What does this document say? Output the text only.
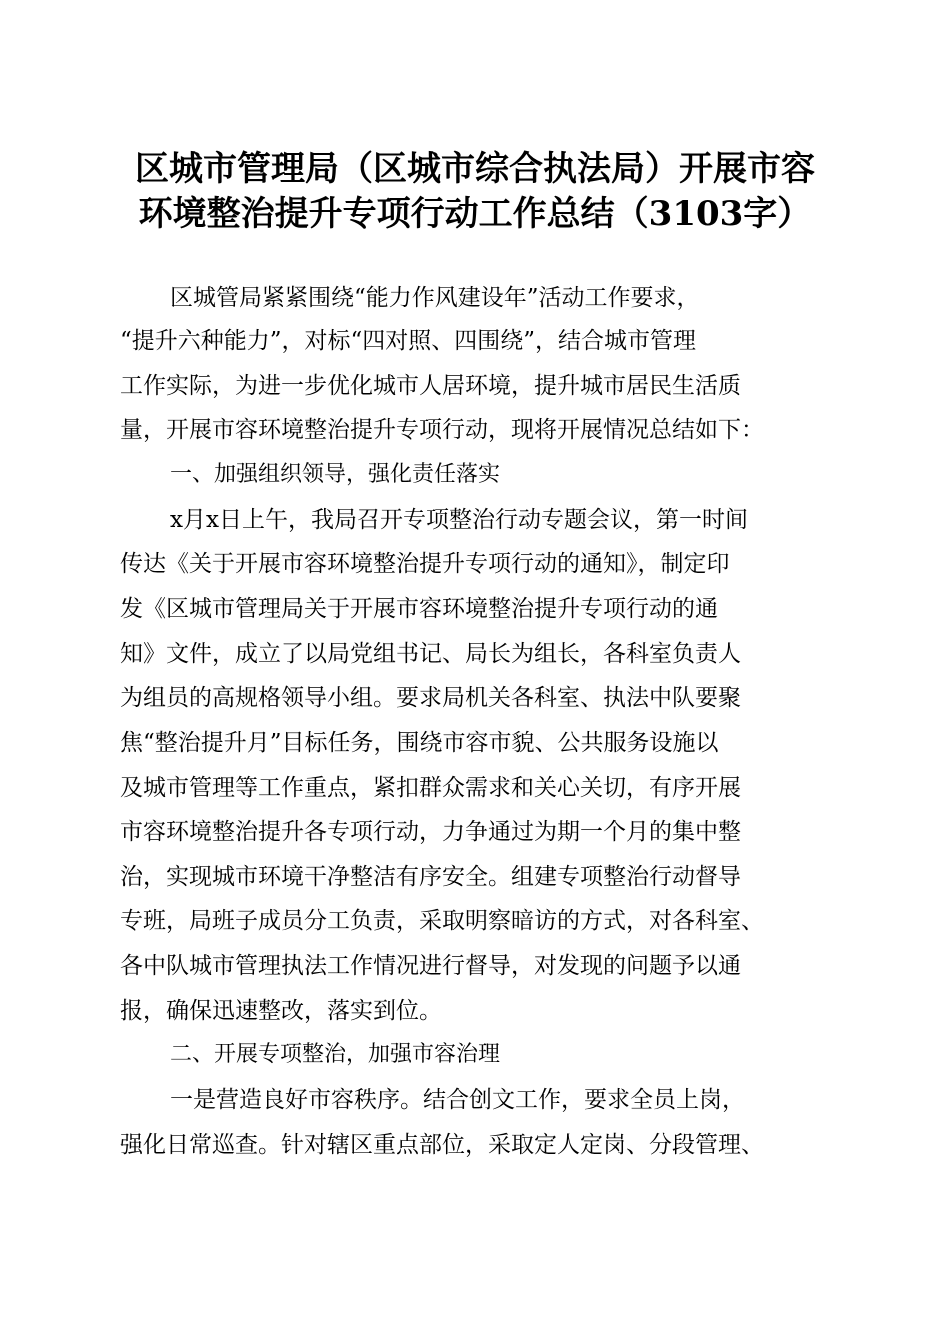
区城市管理局（区城市综合执法局）开展市容
环境整治提升专项行动工作总结（3103字）
区城管局紧紧围绕“能力作风建设年”活动工作要求，
“提升六种能力”，对标“四对照、四围绕”，结合城市管理
工作实际，为进一步优化城市人居环境，提升城市居民生活质
量，开展市容环境整治提升专项行动，现将开展情况总结如下：
一、加强组织领导，强化责任落实
x月x日上午，我局召开专项整治行动专题会议，第一时间
传达《关于开展市容环境整治提升专项行动的通知》，制定印
发《区城市管理局关于开展市容环境整治提升专项行动的通
知》文件，成立了以局党组书记、局长为组长，各科室负责人
为组员的高规格领导小组。要求局机关各科室、执法中队要聚
焦“整治提升月”目标任务，围绕市容市貌、公共服务设施以
及城市管理等工作重点，紧扣群众需求和关心关切，有序开展
市容环境整治提升各专项行动，力争通过为期一个月的集中整
治，实现城市环境干净整洁有序安全。组建专项整治行动督导
专班，局班子成员分工负责，采取明察暗访的方式，对各科室、
各中队城市管理执法工作情况进行督导，对发现的问题予以通
报，确保迅速整改，落实到位。
二、开展专项整治，加强市容治理
一是营造良好市容秩序。结合创文工作，要求全员上岗，
强化日常巡查。针对辖区重点部位，采取定人定岗、分段管理、
